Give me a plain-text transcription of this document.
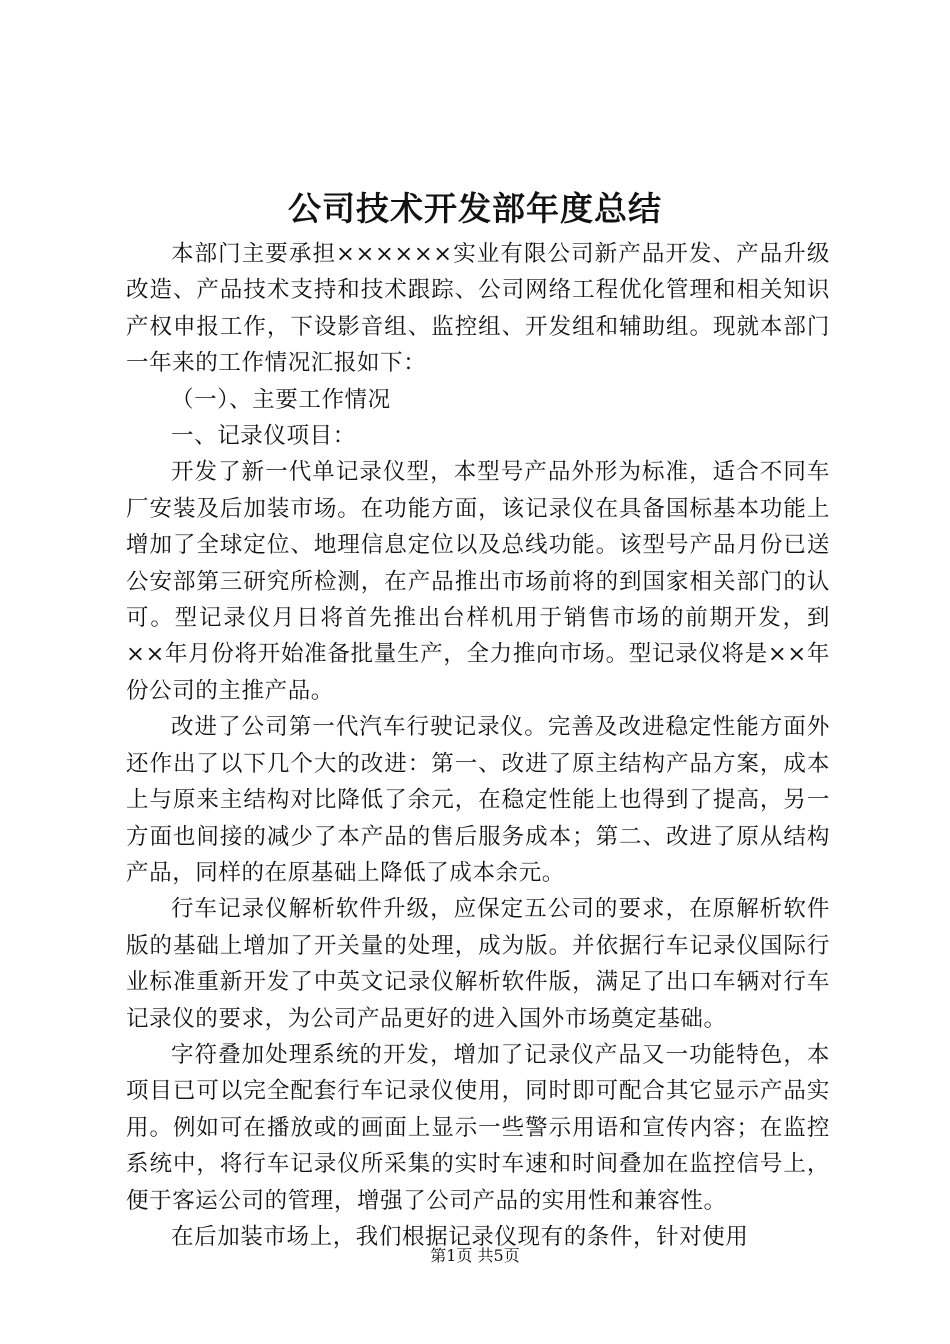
公司技术开发部年度总结

本部门主要承担××××××实业有限公司新产品开发、产品升级改造、产品技术支持和技术跟踪、公司网络工程优化管理和相关知识产权申报工作，下设影音组、监控组、开发组和辅助组。现就本部门一年来的工作情况汇报如下：

（一）、主要工作情况

一、记录仪项目：

开发了新一代单记录仪型，本型号产品外形为标准，适合不同车厂安装及后加装市场。在功能方面，该记录仪在具备国标基本功能上增加了全球定位、地理信息定位以及总线功能。该型号产品月份已送公安部第三研究所检测，在产品推出市场前将的到国家相关部门的认可。型记录仪月日将首先推出台样机用于销售市场的前期开发，到××年月份将开始准备批量生产，全力推向市场。型记录仪将是××年份公司的主推产品。

改进了公司第一代汽车行驶记录仪。完善及改进稳定性能方面外还作出了以下几个大的改进：第一、改进了原主结构产品方案，成本上与原来主结构对比降低了余元，在稳定性能上也得到了提高，另一方面也间接的减少了本产品的售后服务成本；第二、改进了原从结构产品，同样的在原基础上降低了成本余元。

行车记录仪解析软件升级，应保定五公司的要求，在原解析软件版的基础上增加了开关量的处理，成为版。并依据行车记录仪国际行业标准重新开发了中英文记录仪解析软件版，满足了出口车辆对行车记录仪的要求，为公司产品更好的进入国外市场奠定基础。

字符叠加处理系统的开发，增加了记录仪产品又一功能特色，本项目已可以完全配套行车记录仪使用，同时即可配合其它显示产品实用。例如可在播放或的画面上显示一些警示用语和宣传内容；在监控系统中，将行车记录仪所采集的实时车速和时间叠加在监控信号上，便于客运公司的管理，增强了公司产品的实用性和兼容性。

在后加装市场上，我们根据记录仪现有的条件，针对使用

第1页 共5页
